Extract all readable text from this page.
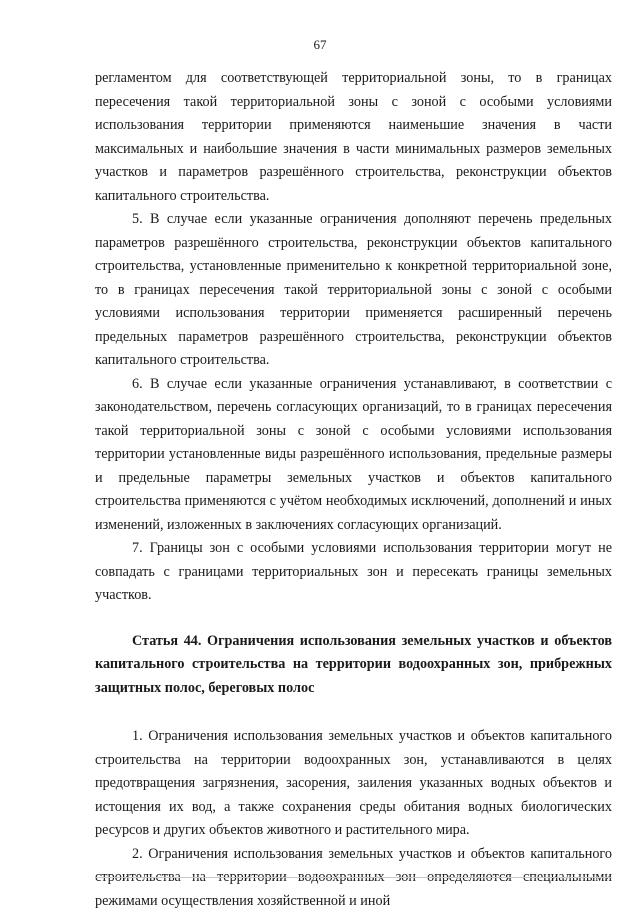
67

регламентом для соответствующей территориальной зоны, то в границах пересечения такой территориальной зоны с зоной с особыми условиями использования территории применяются наименьшие значения в части максимальных и наибольшие значения в части минимальных размеров земельных участков и параметров разрешённого строительства, реконструкции объектов капитального строительства.

5. В случае если указанные ограничения дополняют перечень предельных параметров разрешённого строительства, реконструкции объектов капитального строительства, установленные применительно к конкретной территориальной зоне, то в границах пересечения такой территориальной зоны с зоной с особыми условиями использования территории применяется расширенный перечень предельных параметров разрешённого строительства, реконструкции объектов капитального строительства.

6. В случае если указанные ограничения устанавливают, в соответствии с законодательством, перечень согласующих организаций, то в границах пересечения такой территориальной зоны с зоной с особыми условиями использования территории установленные виды разрешённого использования, предельные размеры и предельные параметры земельных участков и объектов капитального строительства применяются с учётом необходимых исключений, дополнений и иных изменений, изложенных в заключениях согласующих организаций.

7. Границы зон с особыми условиями использования территории могут не совпадать с границами территориальных зон и пересекать границы земельных участков.

Статья 44. Ограничения использования земельных участков и объектов капитального строительства на территории водоохранных зон, прибрежных защитных полос, береговых полос

1. Ограничения использования земельных участков и объектов капитального строительства на территории водоохранных зон, устанавливаются в целях предотвращения загрязнения, засорения, заиления указанных водных объектов и истощения их вод, а также сохранения среды обитания водных биологических ресурсов и других объектов животного и растительного мира.

2. Ограничения использования земельных участков и объектов капитального строительства на территории водоохранных зон определяются специальными режимами осуществления хозяйственной и иной
